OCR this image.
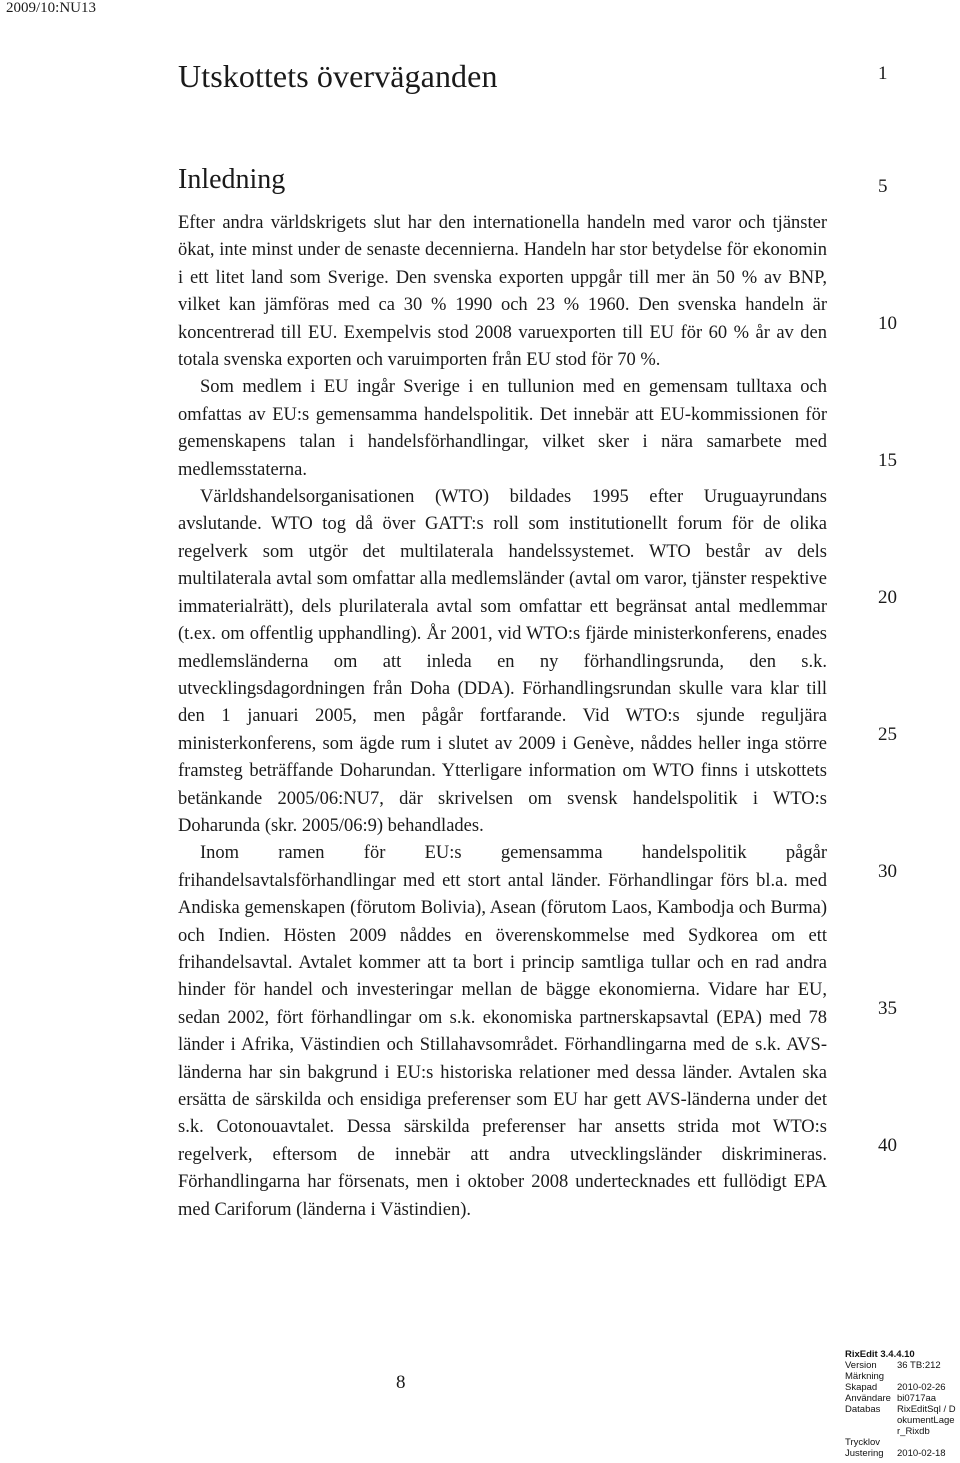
2009/10:NU13
Utskottets överväganden
Inledning

Efter andra världskrigets slut har den internationella handeln med varor och tjänster ökat, inte minst under de senaste decennierna. Handeln har stor betydelse för ekonomin i ett litet land som Sverige. Den svenska exporten uppgår till mer än 50 % av BNP, vilket kan jämföras med ca 30 % 1990 och 23 % 1960. Den svenska handeln är koncentrerad till EU. Exempelvis stod 2008 varuexporten till EU för 60 % år av den totala svenska exporten och varuimporten från EU stod för 70 %.

Som medlem i EU ingår Sverige i en tullunion med en gemensam tulltaxa och omfattas av EU:s gemensamma handelspolitik. Det innebär att EU-kommissionen för gemenskapens talan i handelsförhandlingar, vilket sker i nära samarbete med medlemsstaterna.

Världshandelsorganisationen (WTO) bildades 1995 efter Uruguayrundans avslutande. WTO tog då över GATT:s roll som institutionellt forum för de olika regelverk som utgör det multilaterala handelssystemet. WTO består av dels multilaterala avtal som omfattar alla medlemsländer (avtal om varor, tjänster respektive immaterialrätt), dels plurilaterala avtal som omfattar ett begränsat antal medlemmar (t.ex. om offentlig upphandling). År 2001, vid WTO:s fjärde ministerkonferens, enades medlemsländerna om att inleda en ny förhandlingsrunda, den s.k. utvecklingsdagordningen från Doha (DDA). Förhandlingsrundan skulle vara klar till den 1 januari 2005, men pågår fortfarande. Vid WTO:s sjunde reguljära ministerkonferens, som ägde rum i slutet av 2009 i Genève, nåddes heller inga större framsteg beträffande Doharundan. Ytterligare information om WTO finns i utskottets betänkande 2005/06:NU7, där skrivelsen om svensk handelspolitik i WTO:s Doharunda (skr. 2005/06:9) behandlades.

Inom ramen för EU:s gemensamma handelspolitik pågår frihandelsavtalsförhandlingar med ett stort antal länder. Förhandlingar förs bl.a. med Andiska gemenskapen (förutom Bolivia), Asean (förutom Laos, Kambodja och Burma) och Indien. Hösten 2009 nåddes en överenskommelse med Sydkorea om ett frihandelsavtal. Avtalet kommer att ta bort i princip samtliga tullar och en rad andra hinder för handel och investeringar mellan de bägge ekonomierna. Vidare har EU, sedan 2002, fört förhandlingar om s.k. ekonomiska partnerskapsavtal (EPA) med 78 länder i Afrika, Västindien och Stillahavsområdet. Förhandlingarna med de s.k. AVS-länderna har sin bakgrund i EU:s historiska relationer med dessa länder. Avtalen ska ersätta de särskilda och ensidiga preferenser som EU har gett AVS-länderna under det s.k. Cotonouavtalet. Dessa särskilda preferenser har ansetts strida mot WTO:s regelverk, eftersom de innebär att andra utvecklingsländer diskrimineras. Förhandlingarna har försenats, men i oktober 2008 undertecknades ett fullödigt EPA med Cariforum (länderna i Västindien).

1
5
10
15
20
25
30
35
40
8
RixEdit 3.4.4.10
Version	36 TB:212
Märkning
Skapad	2010-02-26
Användare bi0717aa
Databas	RixEditSql / DokumentLager_Rixdb
Trycklov
Justering	2010-02-18
